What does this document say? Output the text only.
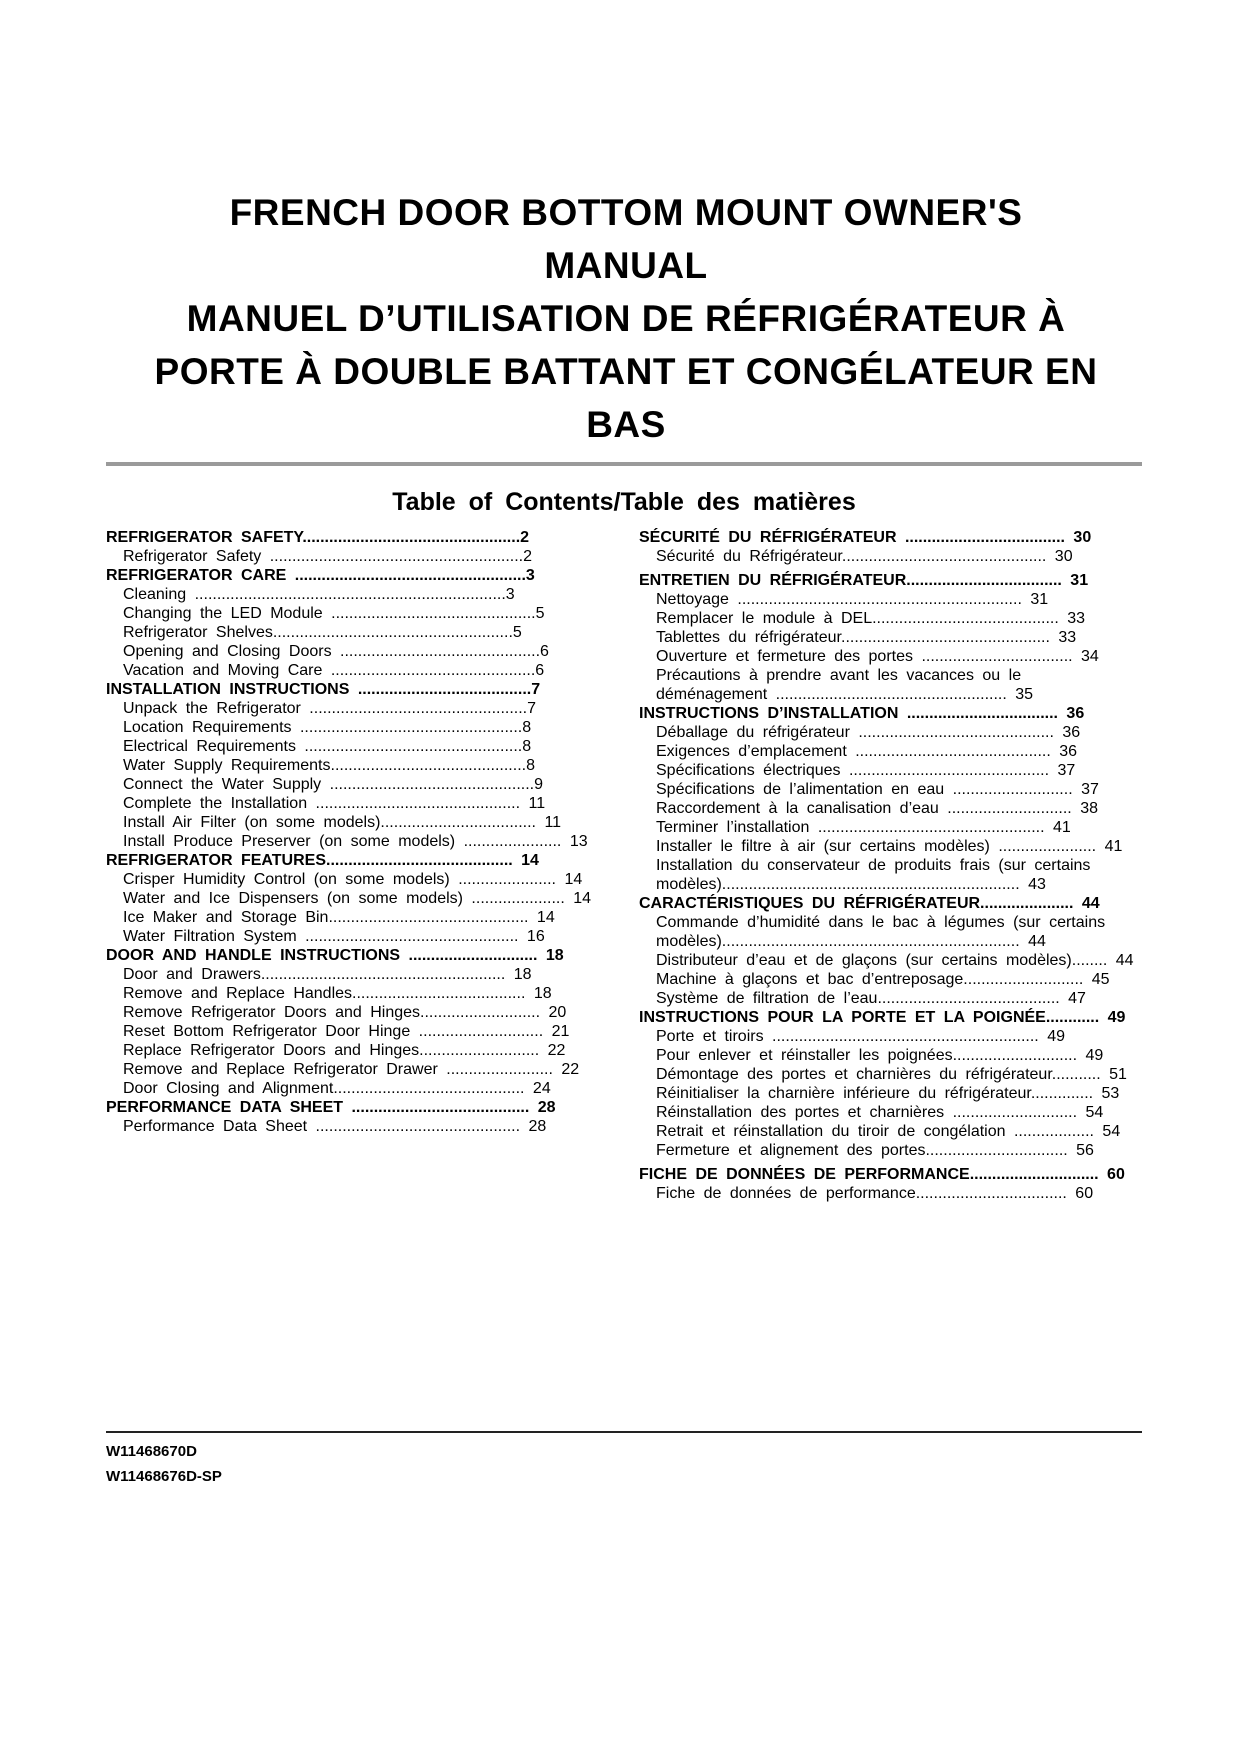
FRENCH DOOR BOTTOM MOUNT OWNER'S
MANUAL
MANUEL D’UTILISATION DE RÉFRIGÉRATEUR À
PORTE À DOUBLE BATTANT ET CONGÉLATEUR EN
BAS
Table of Contents/Table des matières
REFRIGERATOR SAFETY.................................................2
Refrigerator Safety .........................................................2
REFRIGERATOR CARE ....................................................3
Cleaning ......................................................................3
Changing the LED Module ..............................................5
Refrigerator Shelves......................................................5
Opening and Closing Doors .............................................6
Vacation and Moving Care ..............................................6
INSTALLATION INSTRUCTIONS .......................................7
Unpack the Refrigerator .................................................7
Location Requirements ..................................................8
Electrical Requirements .................................................8
Water Supply Requirements............................................8
Connect the Water Supply ..............................................9
Complete the Installation .............................................. 11
Install Air Filter (on some models)................................... 11
Install Produce Preserver (on some models) ...................... 13
REFRIGERATOR FEATURES.......................................... 14
Crisper Humidity Control (on some models) ...................... 14
Water and Ice Dispensers (on some models) ..................... 14
Ice Maker and Storage Bin............................................. 14
Water Filtration System ................................................ 16
DOOR AND HANDLE INSTRUCTIONS ............................. 18
Door and Drawers....................................................... 18
Remove and Replace Handles....................................... 18
Remove Refrigerator Doors and Hinges........................... 20
Reset Bottom Refrigerator Door Hinge ............................ 21
Replace Refrigerator Doors and Hinges........................... 22
Remove and Replace Refrigerator Drawer ........................ 22
Door Closing and Alignment........................................... 24
PERFORMANCE DATA SHEET ........................................ 28
Performance Data Sheet .............................................. 28
SÉCURITÉ DU RÉFRIGÉRATEUR .................................... 30
Sécurité du Réfrigérateur.............................................. 30
ENTRETIEN DU RÉFRIGÉRATEUR................................... 31
Nettoyage ................................................................ 31
Remplacer le module à DEL.......................................... 33
Tablettes du réfrigérateur............................................... 33
Ouverture et fermeture des portes .................................. 34
Précautions à prendre avant les vacances ou le
déménagement .................................................... 35
INSTRUCTIONS D’INSTALLATION .................................. 36
Déballage du réfrigérateur ............................................ 36
Exigences d’emplacement ............................................ 36
Spécifications électriques ............................................. 37
Spécifications de l’alimentation en eau ........................... 37
Raccordement à la canalisation d’eau ............................ 38
Terminer l’installation ................................................... 41
Installer le filtre à air (sur certains modèles) ...................... 41
Installation du conservateur de produits frais (sur certains
modèles)................................................................... 43
CARACTÉRISTIQUES DU RÉFRIGÉRATEUR..................... 44
Commande d’humidité dans le bac à légumes (sur certains
modèles)................................................................... 44
Distributeur d’eau et de glaçons (sur certains modèles)........ 44
Machine à glaçons et bac d’entreposage........................... 45
Système de filtration de l’eau......................................... 47
INSTRUCTIONS POUR LA PORTE ET LA POIGNÉE............ 49
Porte et tiroirs ............................................................ 49
Pour enlever et réinstaller les poignées............................ 49
Démontage des portes et charnières du réfrigérateur........... 51
Réinitialiser la charnière inférieure du réfrigérateur.............. 53
Réinstallation des portes et charnières ............................ 54
Retrait et réinstallation du tiroir de congélation .................. 54
Fermeture et alignement des portes................................ 56
FICHE DE DONNÉES DE PERFORMANCE............................. 60
Fiche de données de performance.................................. 60
W11468670D
W11468676D-SP
